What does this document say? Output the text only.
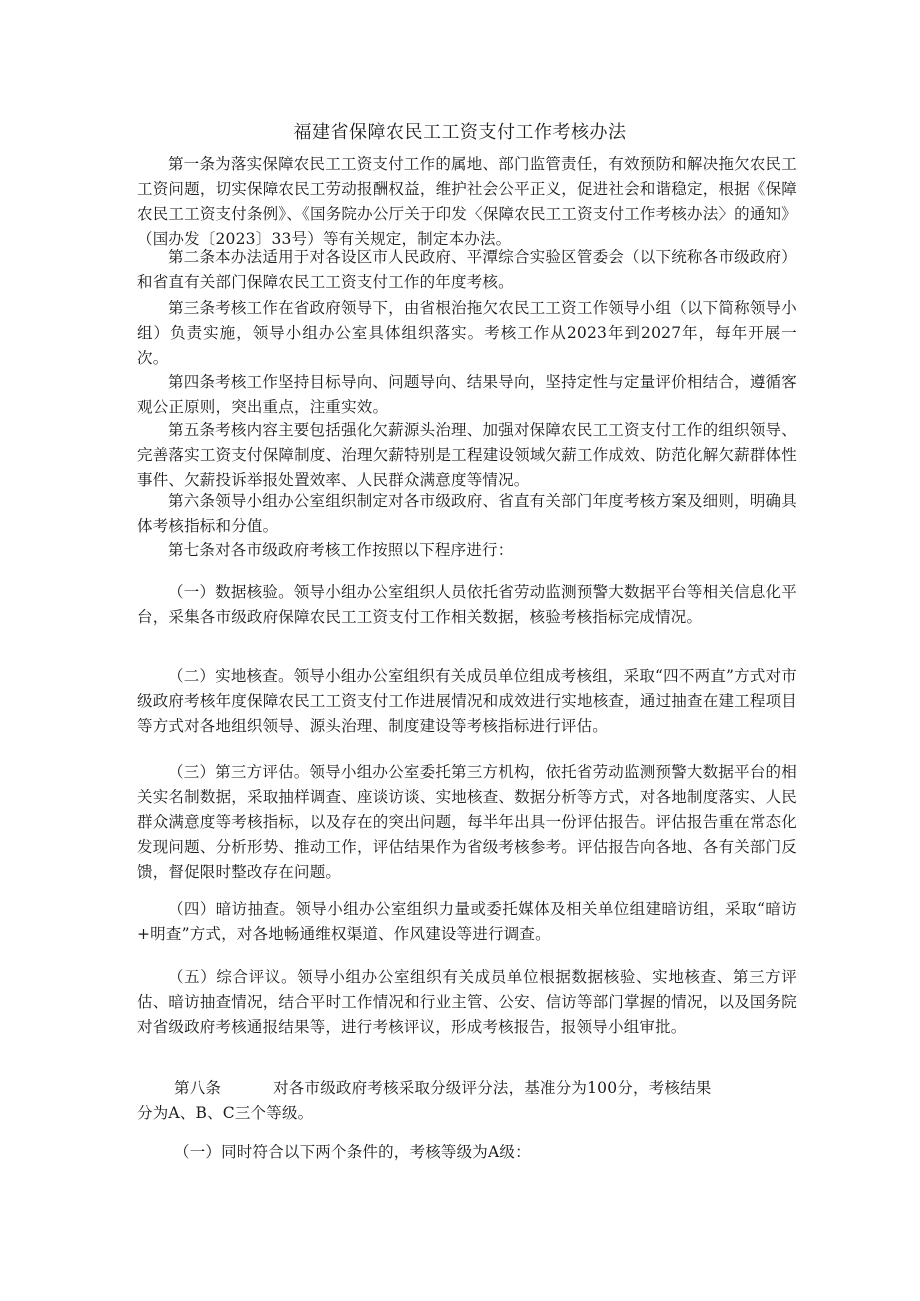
福建省保障农民工工资支付工作考核办法
第一条为落实保障农民工工资支付工作的属地、部门监管责任，有效预防和解决拖欠农民工工资问题，切实保障农民工劳动报酬权益，维护社会公平正义，促进社会和谐稳定，根据《保障农民工工资支付条例》、《国务院办公厅关于印发〈保障农民工工资支付工作考核办法〉的通知》（国办发〔2023〕33号）等有关规定，制定本办法。
第二条本办法适用于对各设区市人民政府、平潭综合实验区管委会（以下统称各市级政府）和省直有关部门保障农民工工资支付工作的年度考核。
第三条考核工作在省政府领导下，由省根治拖欠农民工工资工作领导小组（以下简称领导小组）负责实施，领导小组办公室具体组织落实。考核工作从2023年到2027年，每年开展一次。
第四条考核工作坚持目标导向、问题导向、结果导向，坚持定性与定量评价相结合，遵循客观公正原则，突出重点，注重实效。
第五条考核内容主要包括强化欠薪源头治理、加强对保障农民工工资支付工作的组织领导、完善落实工资支付保障制度、治理欠薪特别是工程建设领域欠薪工作成效、防范化解欠薪群体性事件、欠薪投诉举报处置效率、人民群众满意度等情况。
第六条领导小组办公室组织制定对各市级政府、省直有关部门年度考核方案及细则，明确具体考核指标和分值。
第七条对各市级政府考核工作按照以下程序进行：
（一）数据核验。领导小组办公室组织人员依托省劳动监测预警大数据平台等相关信息化平台，采集各市级政府保障农民工工资支付工作相关数据，核验考核指标完成情况。
（二）实地核查。领导小组办公室组织有关成员单位组成考核组，采取“四不两直”方式对市级政府考核年度保障农民工工资支付工作进展情况和成效进行实地核查，通过抽查在建工程项目等方式对各地组织领导、源头治理、制度建设等考核指标进行评估。
（三）第三方评估。领导小组办公室委托第三方机构，依托省劳动监测预警大数据平台的相关实名制数据，采取抽样调查、座谈访谈、实地核查、数据分析等方式，对各地制度落实、人民群众满意度等考核指标，以及存在的突出问题，每半年出具一份评估报告。评估报告重在常态化发现问题、分析形势、推动工作，评估结果作为省级考核参考。评估报告向各地、各有关部门反馈，督促限时整改存在问题。
（四）暗访抽查。领导小组办公室组织力量或委托媒体及相关单位组建暗访组，采取“暗访+明查”方式，对各地畅通维权渠道、作风建设等进行调查。
（五）综合评议。领导小组办公室组织有关成员单位根据数据核验、实地核查、第三方评估、暗访抽查情况，结合平时工作情况和行业主管、公安、信访等部门掌握的情况，以及国务院对省级政府考核通报结果等，进行考核评议，形成考核报告，报领导小组审批。
第八条	对各市级政府考核采取分级评分法，基准分为100分，考核结果
分为A、B、C三个等级。
（一）同时符合以下两个条件的，考核等级为A级：
